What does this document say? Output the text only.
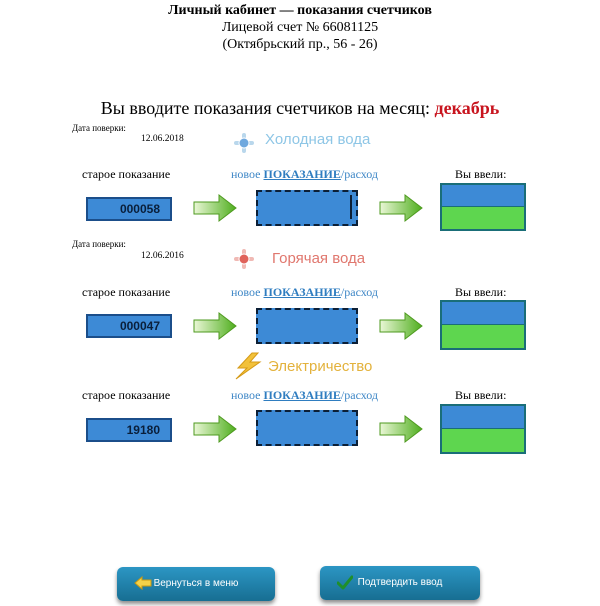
Личный кабинет — показания счетчиков
Лицевой счет № 66081125
(Октябрьский пр., 56 - 26)
Вы вводите показания счетчиков на месяц: декабрь
Дата поверки:
12.06.2018	Холодная вода
старое показание	новое ПОКАЗАНИЕ/расход	Вы ввели:
000058
Дата поверки:
12.06.2016	Горячая вода
старое показание	новое ПОКАЗАНИЕ/расход	Вы ввели:
000047
Электричество
старое показание	новое ПОКАЗАНИЕ/расход	Вы ввели:
19180
Вернуться в меню	Подтвердить ввод
